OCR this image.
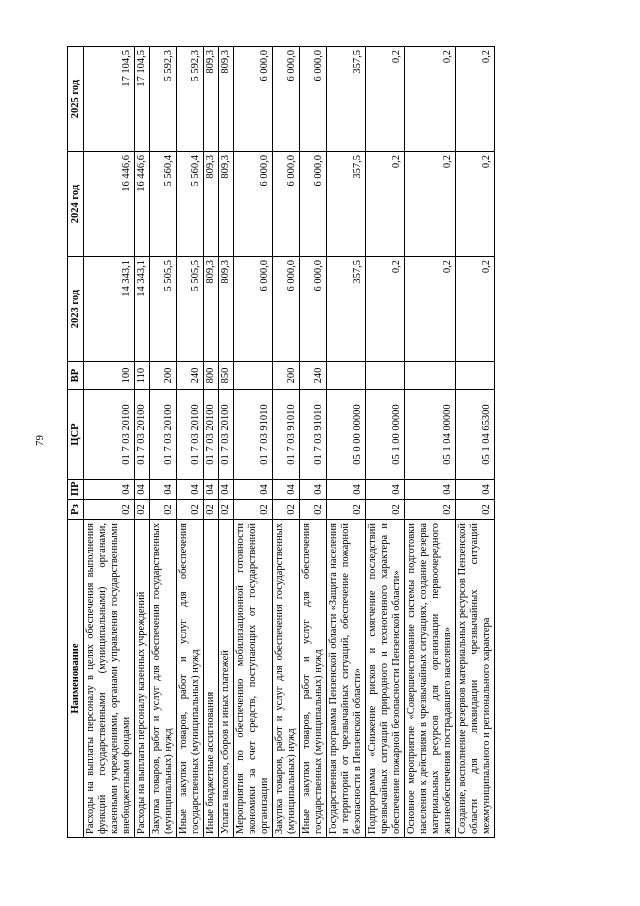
79
Наименование	Рз	ПР	ЦСР	ВР	2023 год	2024 год	2025 год
Расходы на выплаты персоналу в целях обеспечения выполнения функций государственными (муниципальными) органами, казенными учреждениями, органами управления государственными внебюджетными фондами	02	04	01 7 03 20100	100	14 343,1	16 446,6	17 104,5
Расходы на выплаты персоналу казенных учреждений	02	04	01 7 03 20100	110	14 343,1	16 446,6	17 104,5
Закупка товаров, работ и услуг для обеспечения государственных (муниципальных) нужд	02	04	01 7 03 20100	200	5 505,5	5 560,4	5 592,3
Иные закупки товаров, работ и услуг для обеспечения государственных (муниципальных) нужд	02	04	01 7 03 20100	240	5 505,5	5 560,4	5 592,3
Иные бюджетные ассигнования	02	04	01 7 03 20100	800	809,3	809,3	809,3
Уплата налогов, сборов и иных платежей	02	04	01 7 03 20100	850	809,3	809,3	809,3
Мероприятия по обеспечению мобилизационной готовности экономики за счет средств, поступающих от государственной организации	02	04	01 7 03 91010		6 000,0	6 000,0	6 000,0
Закупка товаров, работ и услуг для обеспечения государственных (муниципальных) нужд	02	04	01 7 03 91010	200	6 000,0	6 000,0	6 000,0
Иные закупки товаров, работ и услуг для обеспечения государственных (муниципальных) нужд	02	04	01 7 03 91010	240	6 000,0	6 000,0	6 000,0
Государственная программа Пензенской области «Защита населения и территорий от чрезвычайных ситуаций, обеспечение пожарной безопасности в Пензенской области»	02	04	05 0 00 00000		357,5	357,5	357,5
Подпрограмма «Снижение рисков и смягчение последствий чрезвычайных ситуаций природного и техногенного характера и обеспечение пожарной безопасности Пензенской области»	02	04	05 1 00 00000		0,2	0,2	0,2
Основное мероприятие «Совершенствование системы подготовки населения к действиям в чрезвычайных ситуациях, создание резерва материальных ресурсов для организации первоочередного жизнеобеспечения пострадавшего населения»	02	04	05 1 04 00000		0,2	0,2	0,2
Создание, восполнение резервов материальных ресурсов Пензенской области для ликвидации чрезвычайных ситуаций межмуниципального и регионального характера	02	04	05 1 04 65300		0,2	0,2	0,2
